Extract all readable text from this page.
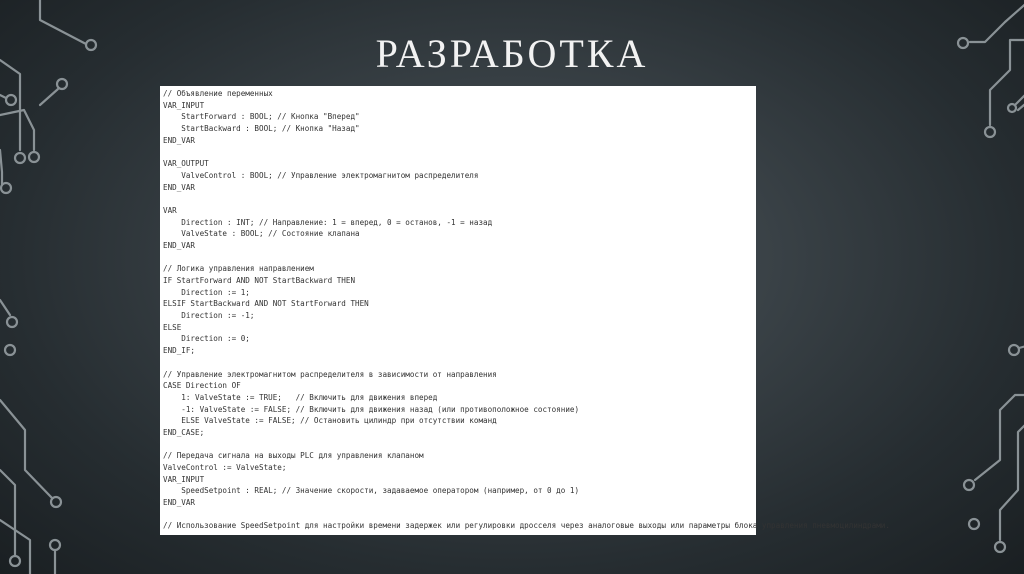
РАЗРАБОТКА
// Объявление переменных
VAR_INPUT
StartForward : BOOL; // Кнопка "Вперед"
StartBackward : BOOL; // Кнопка "Назад"
END_VAR
VAR_OUTPUT
ValveControl : BOOL; // Управление электромагнитом распределителя
END_VAR
VAR
Direction : INT; // Направление: 1 = вперед, 0 = останов, -1 = назад
ValveState : BOOL; // Состояние клапана
END_VAR
// Логика управления направлением
IF StartForward AND NOT StartBackward THEN
Direction := 1;
ELSIF StartBackward AND NOT StartForward THEN
Direction := -1;
ELSE
Direction := 0;
END_IF;
// Управление электромагнитом распределителя в зависимости от направления
CASE Direction OF
1: ValveState := TRUE;   // Включить для движения вперед
-1: ValveState := FALSE; // Включить для движения назад (или противоположное состояние)
ELSE ValveState := FALSE; // Остановить цилиндр при отсутствии команд
END_CASE;
// Передача сигнала на выходы PLC для управления клапаном
ValveControl := ValveState;
VAR_INPUT
SpeedSetpoint : REAL; // Значение скорости, задаваемое оператором (например, от 0 до 1)
END_VAR
// Использование SpeedSetpoint для настройки времени задержек или регулировки дросселя через аналоговые выходы или параметры блока управления пневмоцилиндрами.
